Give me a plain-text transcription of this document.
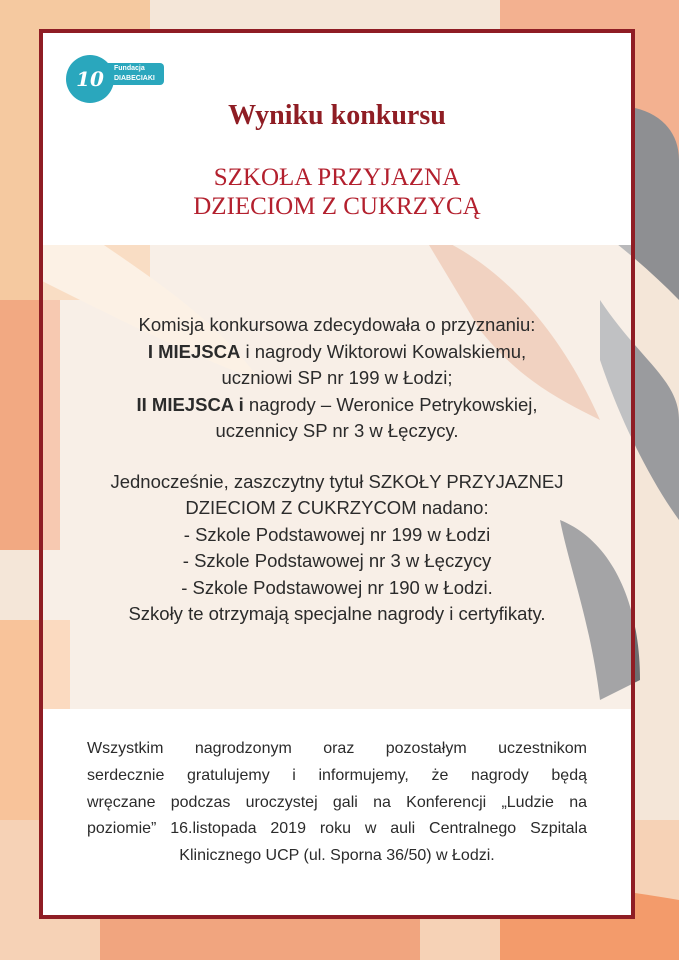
Fundacja
DIABECIAKI
10 lat	Wyniku konkursu
SZKOŁA PRZYJAZNA
DZIECIOM Z CUKRZYCĄ

Komisja konkursowa zdecydowała o przyznaniu:

I MIEJSCA i nagrody Wiktorowi Kowalskiemu,

uczniowi SP nr 199 w Łodzi;

II MIEJSCA i nagrody – Weronice Petrykowskiej,

uczennicy SP nr 3 w Łęczycy.

Jednocześnie, zaszczytny tytuł SZKOŁY PRZYJAZNEJ

DZIECIOM Z CUKRZYCOM nadano:

- Szkole Podstawowej nr 199 w Łodzi

- Szkole Podstawowej nr 3 w Łęczycy

- Szkole Podstawowej nr 190 w Łodzi.

Szkoły te otrzymają specjalne nagrody i certyfikaty.

Wszystkim nagrodzonym oraz pozostałym uczestnikom
serdecznie gratulujemy i informujemy, że nagrody będą
wręczane podczas uroczystej gali na Konferencji „Ludzie na
poziomie” 16.listopada 2019 roku w auli Centralnego Szpitala
Klinicznego UCP (ul. Sporna 36/50) w Łodzi.
